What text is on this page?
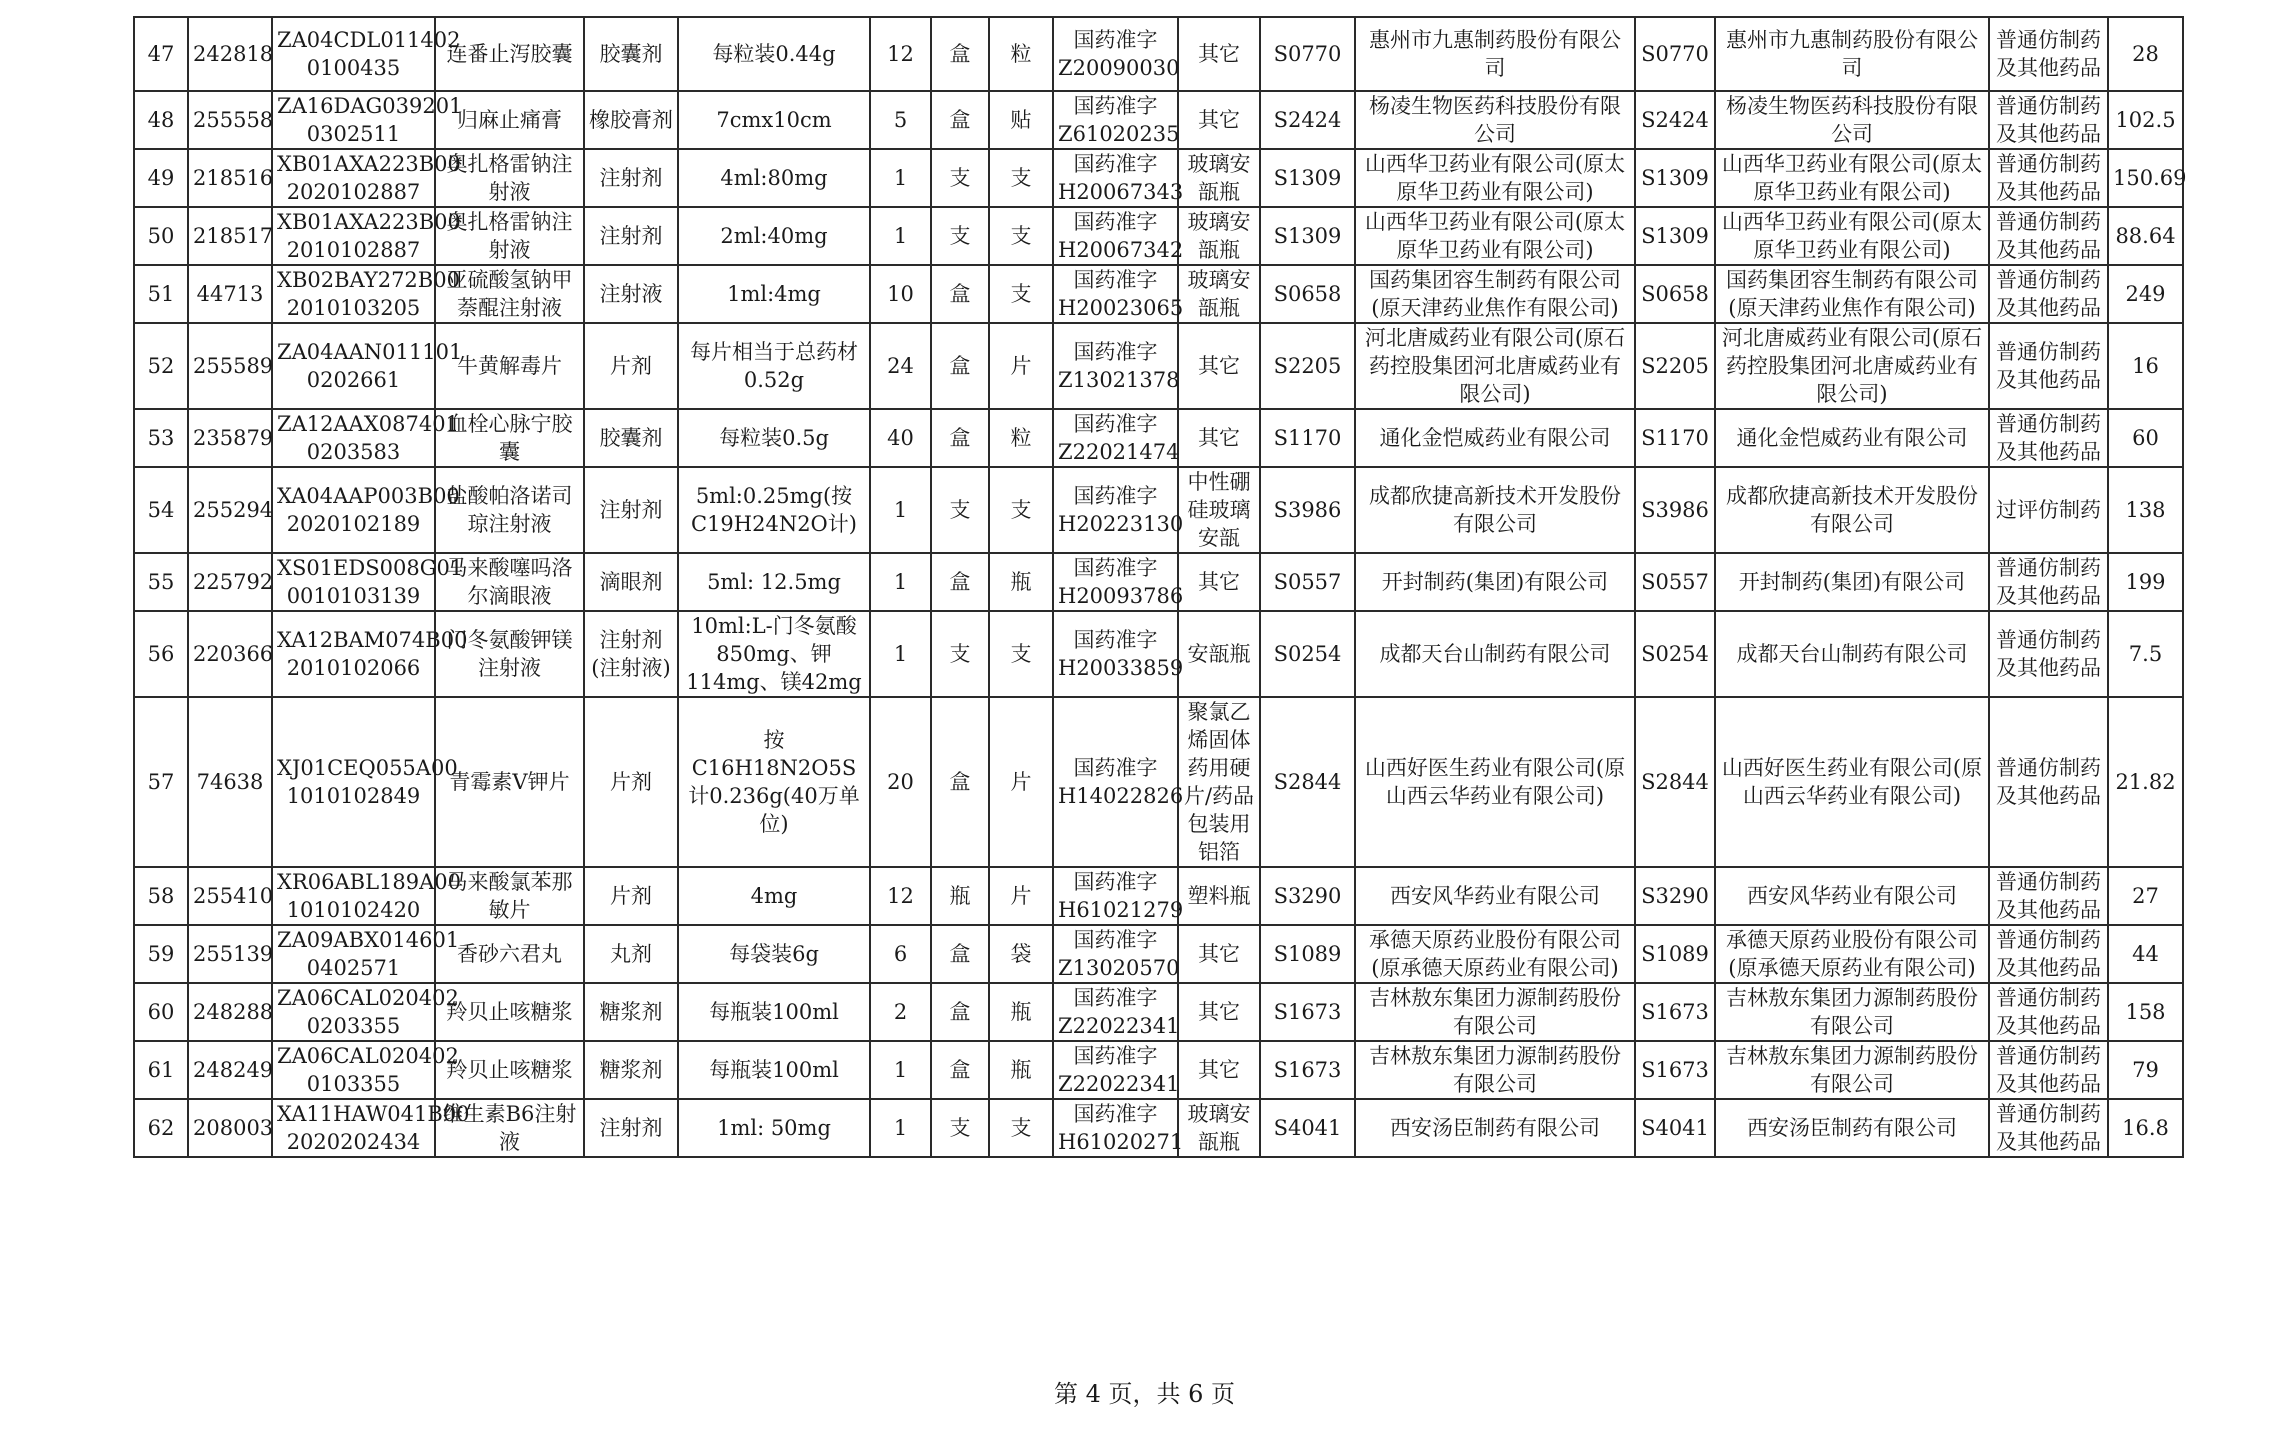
47	242818	ZA04CDL011402 0100435	连番止泻胶囊	胶囊剂	每粒装0.44g	12	盒	粒	国药准字 Z20090030	其它	S0770	惠州市九惠制药股份有限公司	S0770	惠州市九惠制药股份有限公司	普通仿制药及其他药品	28
48	255558	ZA16DAG039201 0302511	归麻止痛膏	橡胶膏剂	7cmx10cm	5	盒	贴	国药准字 Z61020235	其它	S2424	杨凌生物医药科技股份有限公司	S2424	杨凌生物医药科技股份有限公司	普通仿制药及其他药品	102.5
49	218516	XB01AXA223B00 2020102887	奥扎格雷钠注射液	注射剂	4ml:80mg	1	支	支	国药准字 H20067343	玻璃安瓿瓶	S1309	山西华卫药业有限公司(原太原华卫药业有限公司)	S1309	山西华卫药业有限公司(原太原华卫药业有限公司)	普通仿制药及其他药品	150.69
50	218517	XB01AXA223B00 2010102887	奥扎格雷钠注射液	注射剂	2ml:40mg	1	支	支	国药准字 H20067342	玻璃安瓿瓶	S1309	山西华卫药业有限公司(原太原华卫药业有限公司)	S1309	山西华卫药业有限公司(原太原华卫药业有限公司)	普通仿制药及其他药品	88.64
51	44713	XB02BAY272B00 2010103205	亚硫酸氢钠甲萘醌注射液	注射液	1ml:4mg	10	盒	支	国药准字 H20023065	玻璃安瓿瓶	S0658	国药集团容生制药有限公司(原天津药业焦作有限公司)	S0658	国药集团容生制药有限公司(原天津药业焦作有限公司)	普通仿制药及其他药品	249
52	255589	ZA04AAN011101 0202661	牛黄解毒片	片剂	每片相当于总药材0.52g	24	盒	片	国药准字 Z13021378	其它	S2205	河北唐威药业有限公司(原石药控股集团河北唐威药业有限公司)	S2205	河北唐威药业有限公司(原石药控股集团河北唐威药业有限公司)	普通仿制药及其他药品	16
53	235879	ZA12AAX087401 0203583	血栓心脉宁胶囊	胶囊剂	每粒装0.5g	40	盒	粒	国药准字 Z22021474	其它	S1170	通化金恺威药业有限公司	S1170	通化金恺威药业有限公司	普通仿制药及其他药品	60
54	255294	XA04AAP003B00 2020102189	盐酸帕洛诺司琼注射液	注射剂	5ml:0.25mg(按C19H24N2O计)	1	支	支	国药准字 H20223130	中性硼硅玻璃安瓿	S3986	成都欣捷高新技术开发股份有限公司	S3986	成都欣捷高新技术开发股份有限公司	过评仿制药	138
55	225792	XS01EDS008G01 0010103139	马来酸噻吗洛尔滴眼液	滴眼剂	5ml: 12.5mg	1	盒	瓶	国药准字 H20093786	其它	S0557	开封制药(集团)有限公司	S0557	开封制药(集团)有限公司	普通仿制药及其他药品	199
56	220366	XA12BAM074B00 2010102066	门冬氨酸钾镁注射液	注射剂(注射液)	10ml:L-门冬氨酸850mg、钾114mg、镁42mg	1	支	支	国药准字 H20033859	安瓿瓶	S0254	成都天台山制药有限公司	S0254	成都天台山制药有限公司	普通仿制药及其他药品	7.5
57	74638	XJ01CEQ055A00 1010102849	青霉素V钾片	片剂	按C16H18N2O5S计0.236g(40万单位)	20	盒	片	国药准字 H14022826	聚氯乙烯固体药用硬片/药品包装用铝箔	S2844	山西好医生药业有限公司(原山西云华药业有限公司)	S2844	山西好医生药业有限公司(原山西云华药业有限公司)	普通仿制药及其他药品	21.82
58	255410	XR06ABL189A00 1010102420	马来酸氯苯那敏片	片剂	4mg	12	瓶	片	国药准字 H61021279	塑料瓶	S3290	西安风华药业有限公司	S3290	西安风华药业有限公司	普通仿制药及其他药品	27
59	255139	ZA09ABX014601 0402571	香砂六君丸	丸剂	每袋装6g	6	盒	袋	国药准字 Z13020570	其它	S1089	承德天原药业股份有限公司(原承德天原药业有限公司)	S1089	承德天原药业股份有限公司(原承德天原药业有限公司)	普通仿制药及其他药品	44
60	248288	ZA06CAL020402 0203355	羚贝止咳糖浆	糖浆剂	每瓶装100ml	2	盒	瓶	国药准字 Z22022341	其它	S1673	吉林敖东集团力源制药股份有限公司	S1673	吉林敖东集团力源制药股份有限公司	普通仿制药及其他药品	158
61	248249	ZA06CAL020402 0103355	羚贝止咳糖浆	糖浆剂	每瓶装100ml	1	盒	瓶	国药准字 Z22022341	其它	S1673	吉林敖东集团力源制药股份有限公司	S1673	吉林敖东集团力源制药股份有限公司	普通仿制药及其他药品	79
62	208003	XA11HAW041B00 2020202434	维生素B6注射液	注射剂	1ml: 50mg	1	支	支	国药准字 H61020271	玻璃安瓿瓶	S4041	西安汤臣制药有限公司	S4041	西安汤臣制药有限公司	普通仿制药及其他药品	16.8
第 4 页，共 6 页
